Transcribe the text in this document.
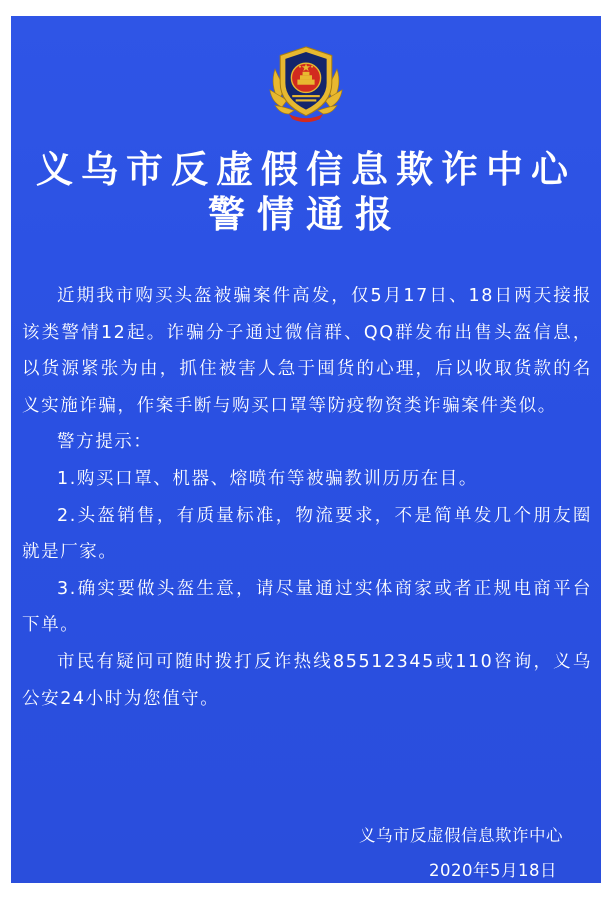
义乌市反虚假信息欺诈中心
警情通报

近期我市购买头盔被骗案件高发，仅5月17日、18日两天接报该类警情12起。诈骗分子通过微信群、QQ群发布出售头盔信息，以货源紧张为由，抓住被害人急于囤货的心理，后以收取货款的名义实施诈骗，作案手断与购买口罩等防疫物资类诈骗案件类似。

警方提示：

1.购买口罩、机器、熔喷布等被骗教训历历在目。

2.头盔销售，有质量标准，物流要求，不是简单发几个朋友圈就是厂家。

3.确实要做头盔生意，请尽量通过实体商家或者正规电商平台下单。

市民有疑问可随时拨打反诈热线85512345或110咨询，义乌公安24小时为您值守。

义乌市反虚假信息欺诈中心
2020年5月18日
